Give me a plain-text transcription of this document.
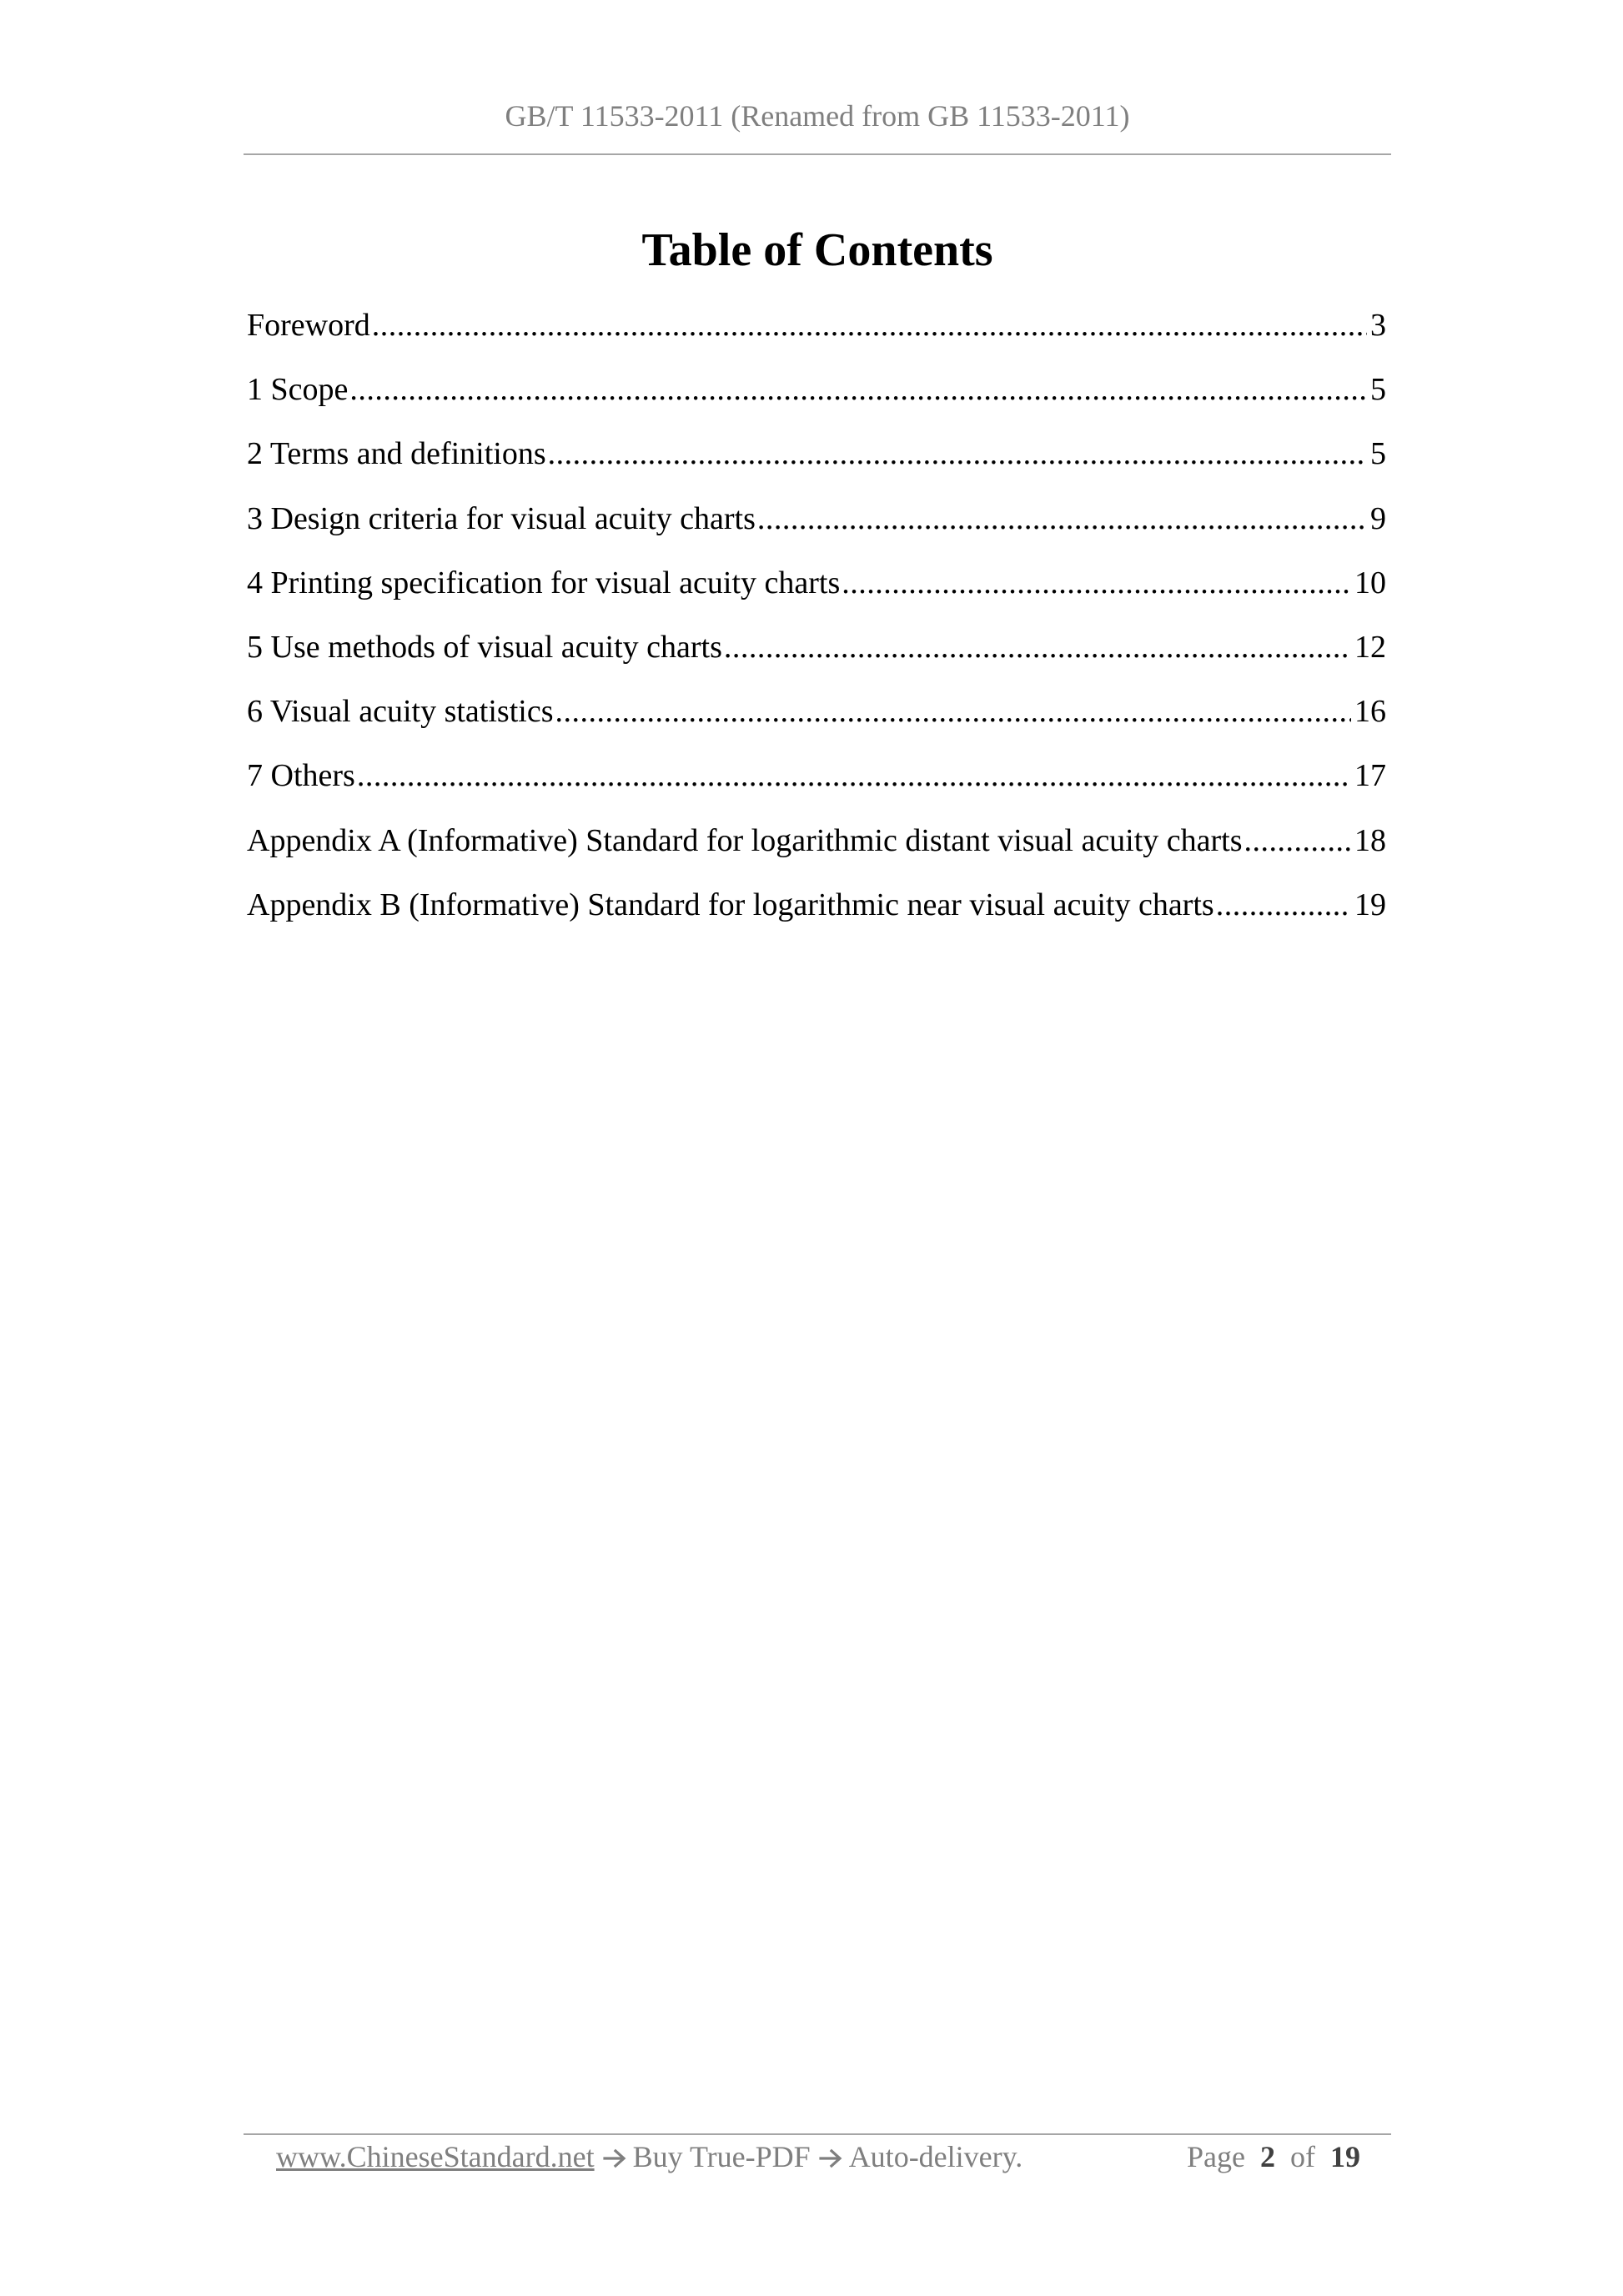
GB/T 11533-2011 (Renamed from GB 11533-2011)
Table of Contents
Foreword .....	3
1 Scope .....	5
2 Terms and definitions .....	5
3 Design criteria for visual acuity charts .....	9
4 Printing specification for visual acuity charts .....	10
5 Use methods of visual acuity charts .....	12
6 Visual acuity statistics .....	16
7 Others .....	17
Appendix A (Informative) Standard for logarithmic distant visual acuity charts .....	18
Appendix B (Informative) Standard for logarithmic near visual acuity charts .....	19
www.ChineseStandard.net Buy True-PDF Auto-delivery.	Page 2 of 19
